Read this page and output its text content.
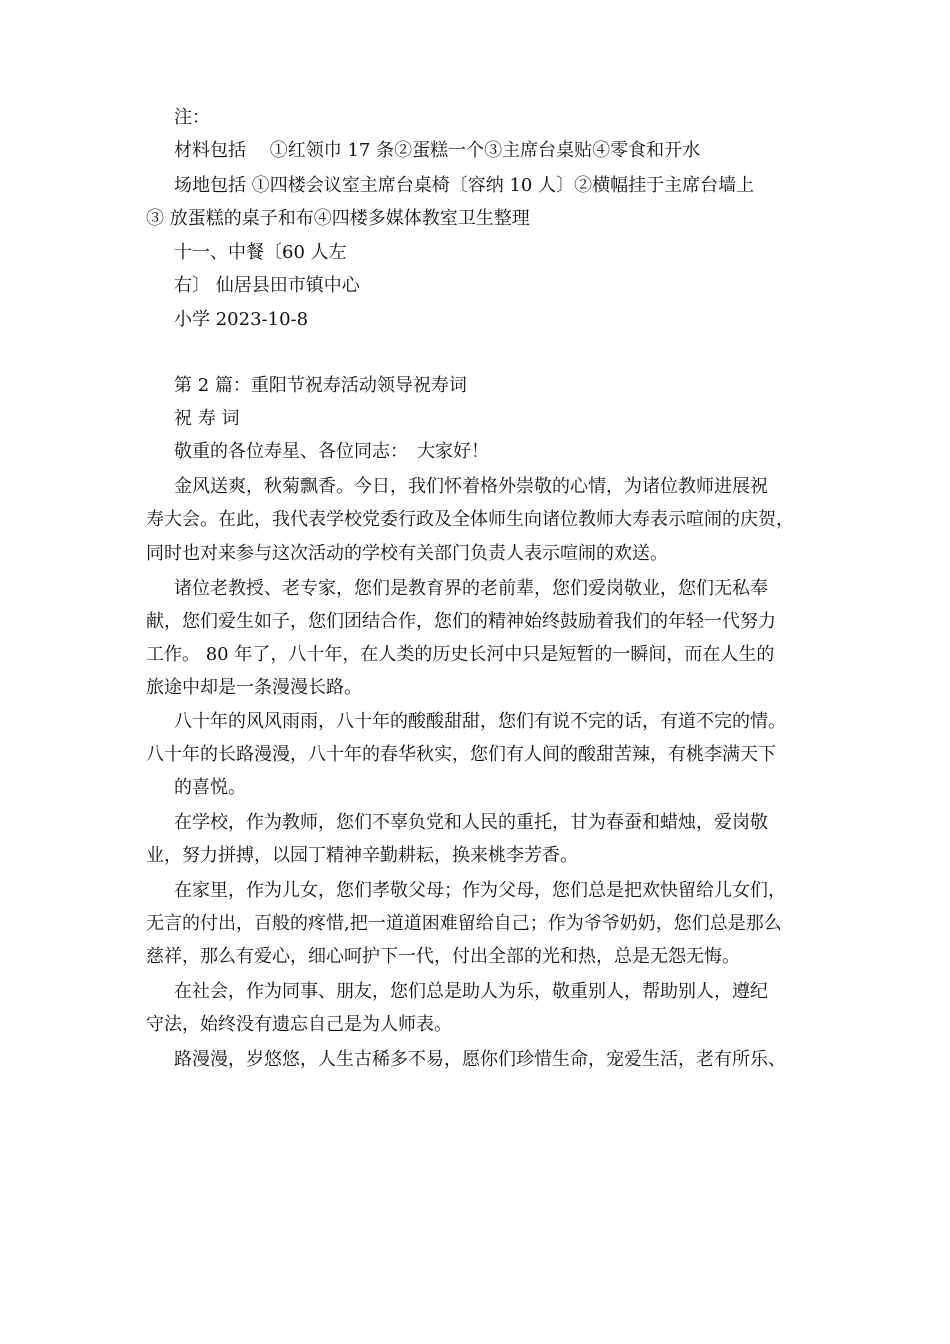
注：
材料包括　 ①红领巾 17 条②蛋糕一个③主席台桌贴④零食和开水
场地包括 ①四楼会议室主席台桌椅〔容纳 10 人〕②横幅挂于主席台墙上
③ 放蛋糕的桌子和布④四楼多媒体教室卫生整理
十一、中餐〔60 人左
右〕 仙居县田市镇中心
小学 2023-10-8
第 2 篇：重阳节祝寿活动领导祝寿词
祝 寿 词
敬重的各位寿星、各位同志：　大家好！
金风送爽，秋菊飘香。今日，我们怀着格外崇敬的心情，为诸位教师进展祝
寿大会。在此，我代表学校党委行政及全体师生向诸位教师大寿表示喧闹的庆贺，
同时也对来参与这次活动的学校有关部门负责人表示喧闹的欢送。
诸位老教授、老专家，您们是教育界的老前辈，您们爱岗敬业，您们无私奉
献，您们爱生如子，您们团结合作，您们的精神始终鼓励着我们的年轻一代努力
工作。 80 年了，八十年，在人类的历史长河中只是短暂的一瞬间，而在人生的
旅途中却是一条漫漫长路。
八十年的风风雨雨，八十年的酸酸甜甜，您们有说不完的话，有道不完的情。
八十年的长路漫漫，八十年的春华秋实，您们有人间的酸甜苦辣，有桃李满天下
的喜悦。
在学校，作为教师，您们不辜负党和人民的重托，甘为春蚕和蜡烛，爱岗敬
业，努力拼搏，以园丁精神辛勤耕耘，换来桃李芳香。
在家里，作为儿女，您们孝敬父母；作为父母，您们总是把欢快留给儿女们，
无言的付出，百般的疼惜,把一道道困难留给自己；作为爷爷奶奶，您们总是那么
慈祥，那么有爱心，细心呵护下一代，付出全部的光和热，总是无怨无悔。
在社会，作为同事、朋友，您们总是助人为乐，敬重别人，帮助别人，遵纪
守法，始终没有遗忘自己是为人师表。
路漫漫，岁悠悠，人生古稀多不易，愿你们珍惜生命，宠爱生活，老有所乐、
